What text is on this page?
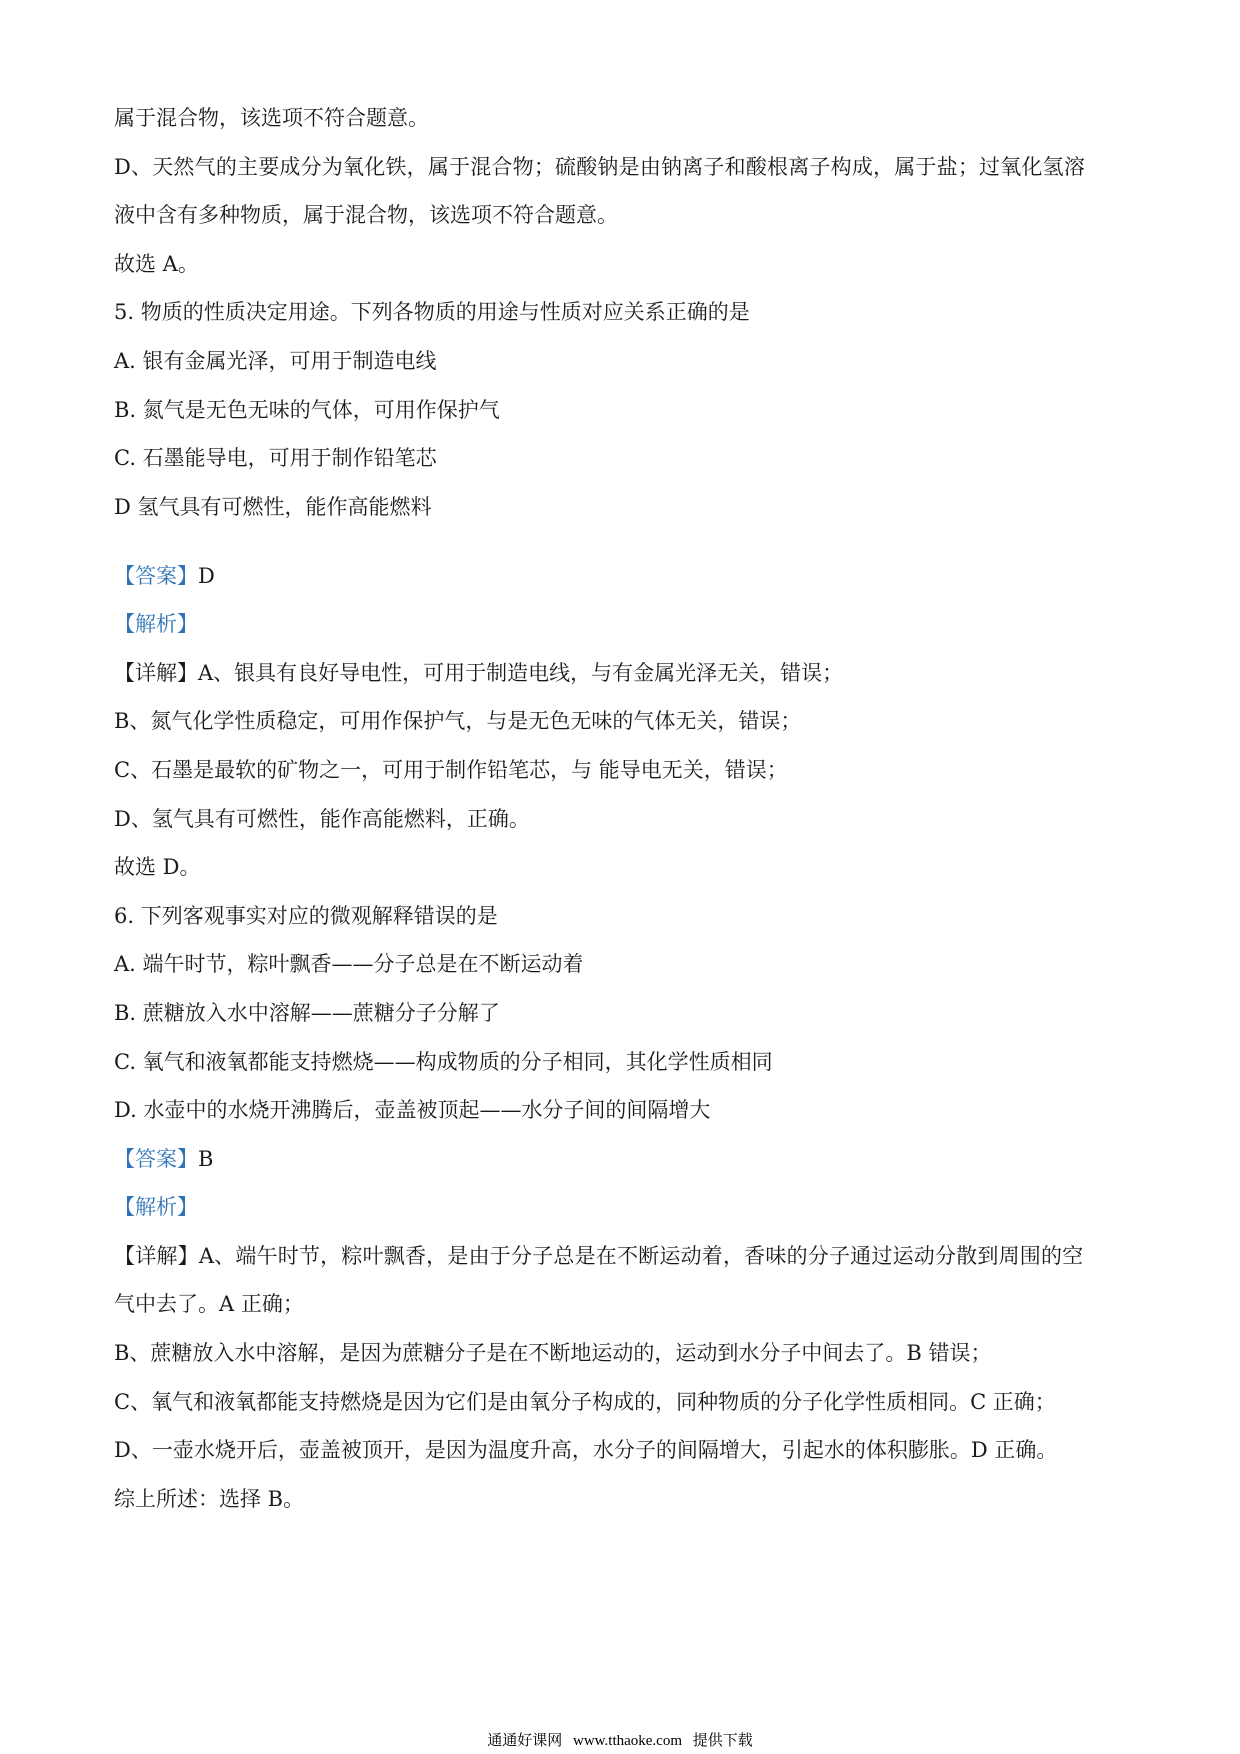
属于混合物，该选项不符合题意。

D、天然气的主要成分为氧化铁，属于混合物；硫酸钠是由钠离子和酸根离子构成，属于盐；过氧化氢溶

液中含有多种物质，属于混合物，该选项不符合题意。

故选 A。

5. 物质的性质决定用途。下列各物质的用途与性质对应关系正确的是

A. 银有金属光泽，可用于制造电线

B. 氮气是无色无味的气体，可用作保护气

C. 石墨能导电，可用于制作铅笔芯

D 氢气具有可燃性，能作高能燃料

【答案】D

【解析】

【详解】A、银具有良好导电性，可用于制造电线，与有金属光泽无关，错误；

B、氮气化学性质稳定，可用作保护气，与是无色无味的气体无关，错误；

C、石墨是最软的矿物之一，可用于制作铅笔芯，与 能导电无关，错误；

D、氢气具有可燃性，能作高能燃料，正确。

故选 D。

6. 下列客观事实对应的微观解释错误的是

A. 端午时节，粽叶飘香——分子总是在不断运动着

B. 蔗糖放入水中溶解——蔗糖分子分解了

C. 氧气和液氧都能支持燃烧——构成物质的分子相同，其化学性质相同

D. 水壶中的水烧开沸腾后，壶盖被顶起——水分子间的间隔增大

【答案】B

【解析】

【详解】A、端午时节，粽叶飘香，是由于分子总是在不断运动着，香味的分子通过运动分散到周围的空

气中去了。A 正确；

B、蔗糖放入水中溶解，是因为蔗糖分子是在不断地运动的，运动到水分子中间去了。B 错误；

C、氧气和液氧都能支持燃烧是因为它们是由氧分子构成的，同种物质的分子化学性质相同。C 正确；

D、一壶水烧开后，壶盖被顶开，是因为温度升高，水分子的间隔增大，引起水的体积膨胀。D 正确。

综上所述：选择 B。

通通好课网 www.tthaoke.com 提供下载
